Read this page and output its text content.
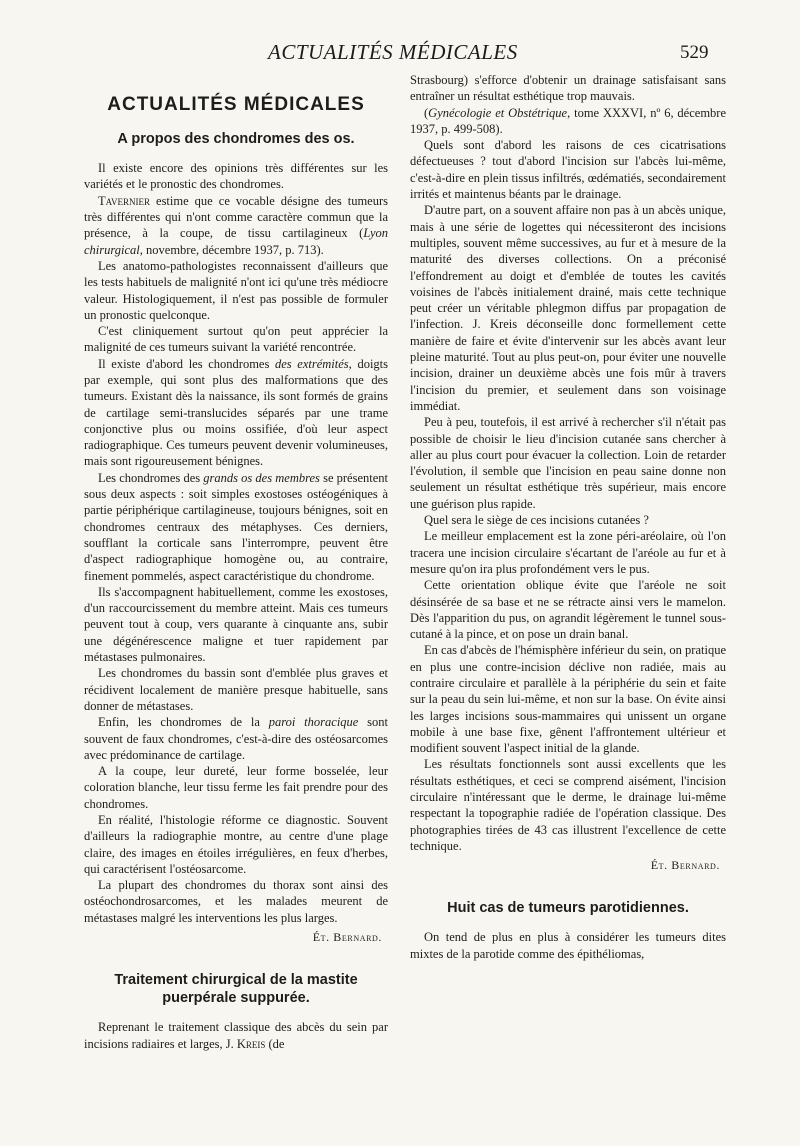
ACTUALITÉS MÉDICALES	529
ACTUALITÉS MÉDICALES
A propos des chondromes des os.

Il existe encore des opinions très différentes sur les variétés et le pronostic des chondromes.

Tavernier estime que ce vocable désigne des tumeurs très différentes qui n'ont comme caractère commun que la présence, à la coupe, de tissu cartilagineux (Lyon chirurgical, novembre, décembre 1937, p. 713).

Les anatomo-pathologistes reconnaissent d'ailleurs que les tests habituels de malignité n'ont ici qu'une très médiocre valeur. Histologiquement, il n'est pas possible de formuler un pronostic quelconque.

C'est cliniquement surtout qu'on peut apprécier la malignité de ces tumeurs suivant la variété rencontrée.

Il existe d'abord les chondromes des extrémités, doigts par exemple, qui sont plus des malformations que des tumeurs. Existant dès la naissance, ils sont formés de grains de cartilage semi-translucides séparés par une trame conjonctive plus ou moins ossifiée, d'où leur aspect radiographique. Ces tumeurs peuvent devenir volumineuses, mais sont rigoureusement bénignes.

Les chondromes des grands os des membres se présentent sous deux aspects : soit simples exostoses ostéogéniques à partie périphérique cartilagineuse, toujours bénignes, soit en chondromes centraux des métaphyses. Ces derniers, soufflant la corticale sans l'interrompre, peuvent être d'aspect radiographique homogène ou, au contraire, finement pommelés, aspect caractéristique du chondrome.

Ils s'accompagnent habituellement, comme les exostoses, d'un raccourcissement du membre atteint. Mais ces tumeurs peuvent tout à coup, vers quarante à cinquante ans, subir une dégénérescence maligne et tuer rapidement par métastases pulmonaires.

Les chondromes du bassin sont d'emblée plus graves et récidivent localement de manière presque habituelle, sans donner de métastases.

Enfin, les chondromes de la paroi thoracique sont souvent de faux chondromes, c'est-à-dire des ostéosarcomes avec prédominance de cartilage.

A la coupe, leur dureté, leur forme bosselée, leur coloration blanche, leur tissu ferme les fait prendre pour des chondromes.

En réalité, l'histologie réforme ce diagnostic. Souvent d'ailleurs la radiographie montre, au centre d'une plage claire, des images en étoiles irrégulières, en feux d'herbes, qui caractérisent l'ostéosarcome.

La plupart des chondromes du thorax sont ainsi des ostéochondrosarcomes, et les malades meurent de métastases malgré les interventions les plus larges.

Ét. Bernard.
Traitement chirurgical de la mastite puerpérale suppurée.

Reprenant le traitement classique des abcès du sein par incisions radiaires et larges, J. Kreis (de

Strasbourg) s'efforce d'obtenir un drainage satisfaisant sans entraîner un résultat esthétique trop mauvais.

(Gynécologie et Obstétrique, tome XXXVI, nº 6, décembre 1937, p. 499-508).

Quels sont d'abord les raisons de ces cicatrisations défectueuses ? tout d'abord l'incision sur l'abcès lui-même, c'est-à-dire en plein tissus infiltrés, œdématiés, secondairement irrités et maintenus béants par le drainage.

D'autre part, on a souvent affaire non pas à un abcès unique, mais à une série de logettes qui nécessiteront des incisions multiples, souvent même successives, au fur et à mesure de la maturité des diverses collections. On a préconisé l'effondrement au doigt et d'emblée de toutes les cavités voisines de l'abcès initialement drainé, mais cette technique peut créer un véritable phlegmon diffus par propagation de l'infection. J. Kreis déconseille donc formellement cette manière de faire et évite d'intervenir sur les abcès avant leur pleine maturité. Tout au plus peut-on, pour éviter une nouvelle incision, drainer un deuxième abcès une fois mûr à travers l'incision du premier, et seulement dans son voisinage immédiat.

Peu à peu, toutefois, il est arrivé à rechercher s'il n'était pas possible de choisir le lieu d'incision cutanée sans chercher à aller au plus court pour évacuer la collection. Loin de retarder l'évolution, il semble que l'incision en peau saine donne non seulement un résultat esthétique très supérieur, mais encore une guérison plus rapide.

Quel sera le siège de ces incisions cutanées ?

Le meilleur emplacement est la zone péri-aréolaire, où l'on tracera une incision circulaire s'écartant de l'aréole au fur et à mesure qu'on ira plus profondément vers le pus.

Cette orientation oblique évite que l'aréole ne soit désinsérée de sa base et ne se rétracte ainsi vers le mamelon. Dès l'apparition du pus, on agrandit légèrement le tunnel sous-cutané à la pince, et on pose un drain banal.

En cas d'abcès de l'hémisphère inférieur du sein, on pratique en plus une contre-incision déclive non radiée, mais au contraire circulaire et parallèle à la périphérie du sein et faite sur la peau du sein lui-même, et non sur la base. On évite ainsi les larges incisions sous-mammaires qui unissent un organe mobile à une base fixe, gênent l'affrontement ultérieur et modifient souvent l'aspect initial de la glande.

Les résultats fonctionnels sont aussi excellents que les résultats esthétiques, et ceci se comprend aisément, l'incision circulaire n'intéressant que le derme, le drainage lui-même respectant la topographie radiée de l'opération classique. Des photographies tirées de 43 cas illustrent l'excellence de cette technique.

Ét. Bernard.
Huit cas de tumeurs parotidiennes.

On tend de plus en plus à considérer les tumeurs dites mixtes de la parotide comme des épithéliomas,
